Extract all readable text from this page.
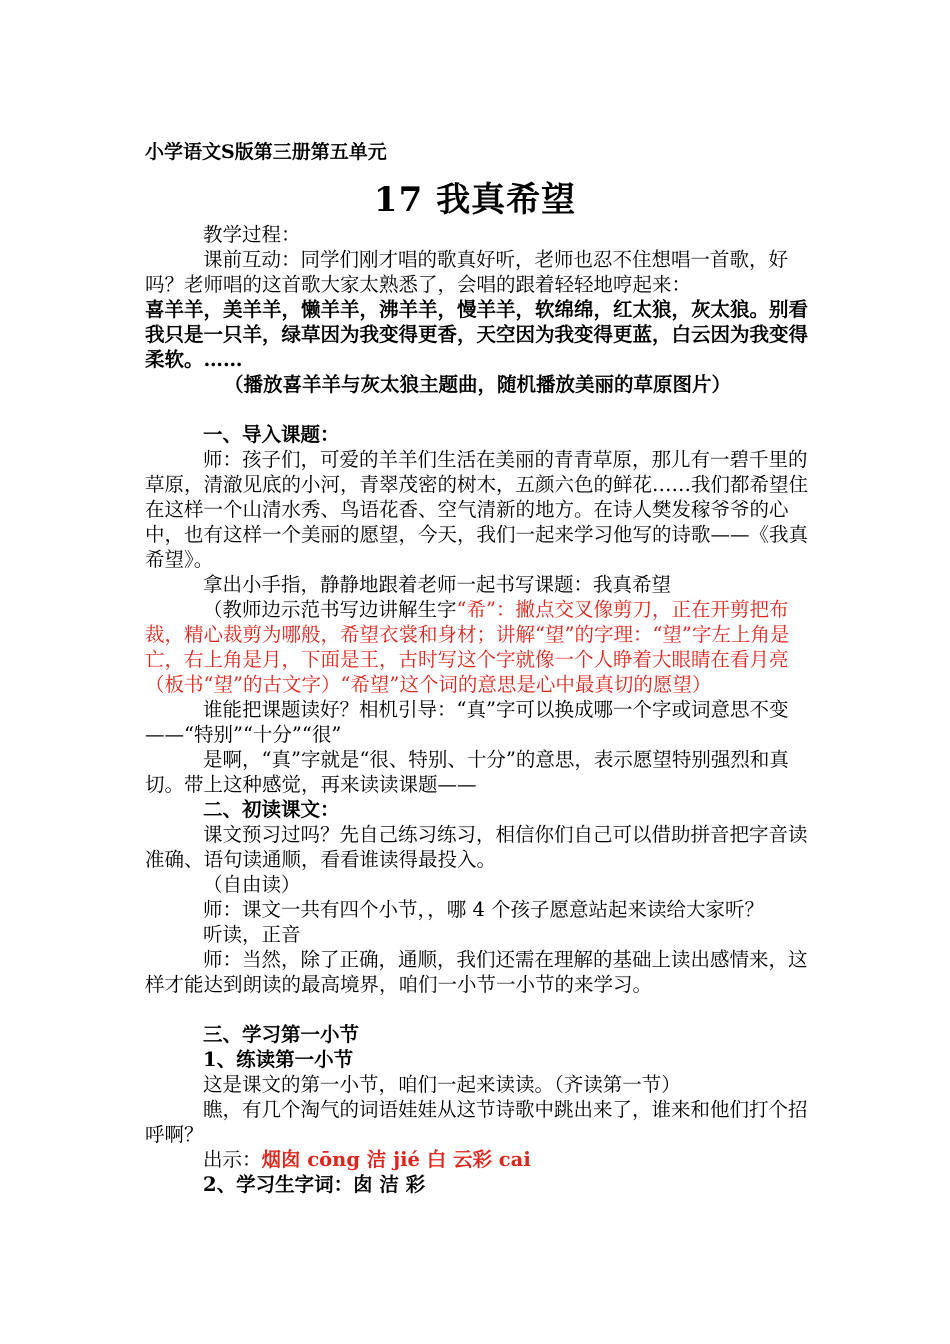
小学语文S版第三册第五单元
17 我真希望

教学过程：

课前互动：同学们刚才唱的歌真好听，老师也忍不住想唱一首歌，好吗？老师唱的这首歌大家太熟悉了，会唱的跟着轻轻地哼起来：

喜羊羊，美羊羊，懒羊羊，沸羊羊，慢羊羊，软绵绵，红太狼，灰太狼。别看我只是一只羊，绿草因为我变得更香，天空因为我变得更蓝，白云因为我变得柔软。……

（播放喜羊羊与灰太狼主题曲，随机播放美丽的草原图片）

一、导入课题：

师：孩子们，可爱的羊羊们生活在美丽的青青草原，那儿有一碧千里的草原，清澈见底的小河，青翠茂密的树木，五颜六色的鲜花……我们都希望住在这样一个山清水秀、鸟语花香、空气清新的地方。在诗人樊发稼爷爷的心中，也有这样一个美丽的愿望，今天，我们一起来学习他写的诗歌——《我真希望》。

拿出小手指，静静地跟着老师一起书写课题：我真希望

（教师边示范书写边讲解生字“希”：撇点交叉像剪刀，正在开剪把布裁，精心裁剪为哪般，希望衣裳和身材；讲解“望”的字理：“望”字左上角是亡，右上角是月，下面是王，古时写这个字就像一个人睁着大眼睛在看月亮（板书“望”的古文字）“希望”这个词的意思是心中最真切的愿望）

谁能把课题读好？相机引导：“真”字可以换成哪一个字或词意思不变——“特别”“十分”“很”

是啊，“真”字就是“很、特别、十分”的意思，表示愿望特别强烈和真切。带上这种感觉，再来读读课题——

二、初读课文：

课文预习过吗？先自己练习练习，相信你们自己可以借助拼音把字音读准确、语句读通顺，看看谁读得最投入。

（自由读）

师：课文一共有四个小节，，哪 4 个孩子愿意站起来读给大家听？

听读，正音

师：当然，除了正确，通顺，我们还需在理解的基础上读出感情来，这样才能达到朗读的最高境界，咱们一小节一小节的来学习。

三、学习第一小节

1、练读第一小节

这是课文的第一小节，咱们一起来读读。（齐读第一节）

瞧，有几个淘气的词语娃娃从这节诗歌中跳出来了，谁来和他们打个招呼啊？

出示：烟囱 cōng 洁 jié 白 云彩 cai

2、学习生字词：囱 洁 彩
